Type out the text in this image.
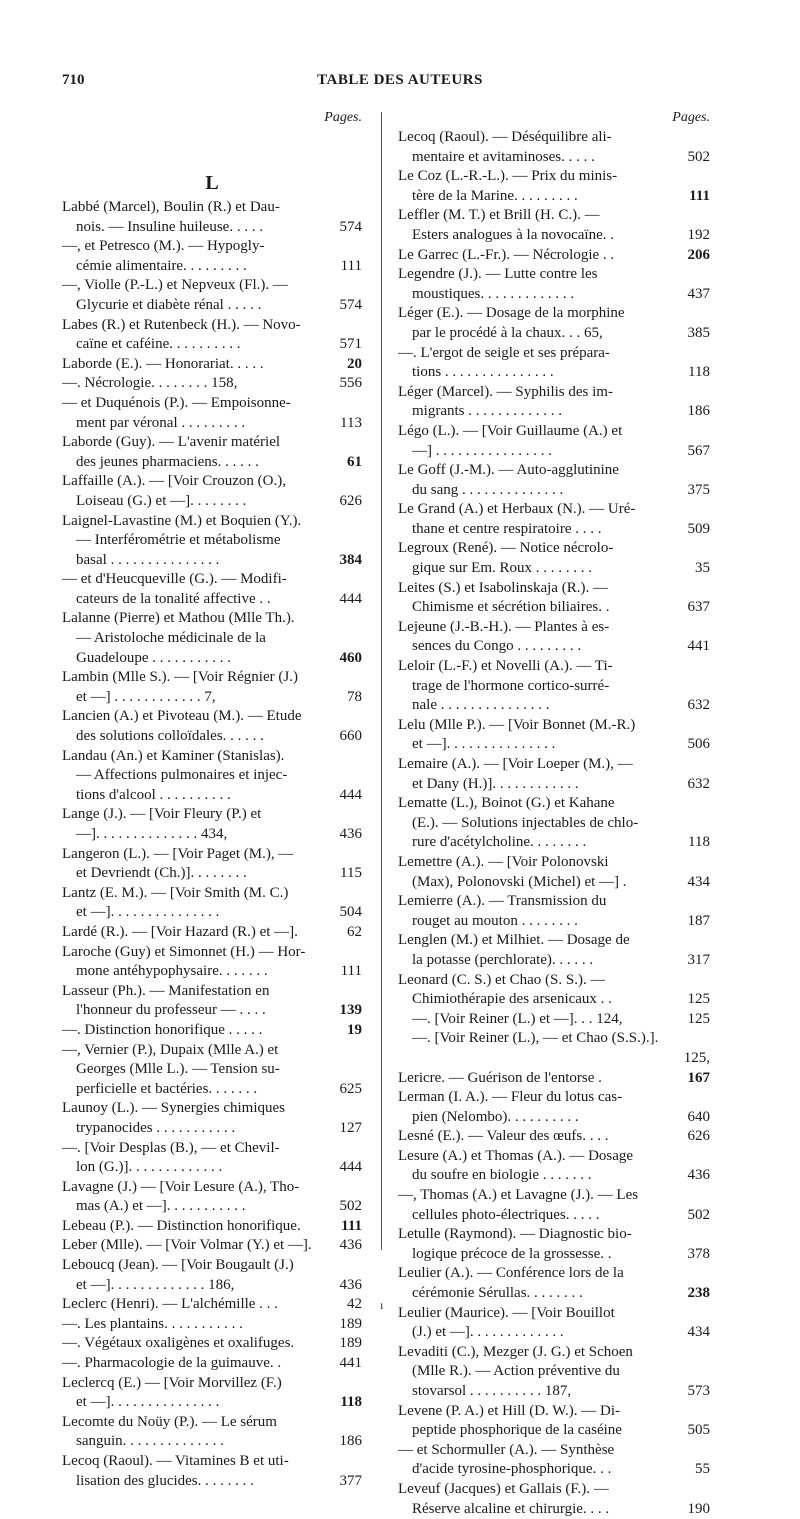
710	TABLE DES AUTEURS
Pages.
L
Labbé (Marcel), Boulin (R.) et Dau-
nois. — Insuline huileuse. . . . .	574
—, et Petresco (M.). — Hypogly-
cémie alimentaire. . . . . . . . .	111
—, Violle (P.-L.) et Nepveux (Fl.). —
Glycurie et diabète rénal . . . . .	574
Labes (R.) et Rutenbeck (H.). — Novo-
caïne et caféine. . . . . . . . . .	571
Laborde (E.). — Honorariat. . . . .	20
—. Nécrologie. . . . . . . . 158,	556
— et Duquénois (P.). — Empoisonne-
ment par véronal . . . . . . . . .	113
Laborde (Guy). — L'avenir matériel
des jeunes pharmaciens. . . . . .	61
Laffaille (A.). — [Voir Crouzon (O.),
Loiseau (G.) et —]. . . . . . . .	626
Laignel-Lavastine (M.) et Boquien (Y.).
— Interférométrie et métabolisme
basal . . . . . . . . . . . . . . .	384
— et d'Heucqueville (G.). — Modifi-
cateurs de la tonalité affective . .	444
Lalanne (Pierre) et Mathou (Mlle Th.).
— Aristoloche médicinale de la
Guadeloupe . . . . . . . . . . .	460
Lambin (Mlle S.). — [Voir Régnier (J.)
et —] . . . . . . . . . . . . 7,	78
Lancien (A.) et Pivoteau (M.). — Etude
des solutions colloïdales. . . . . .	660
Landau (An.) et Kaminer (Stanislas).
— Affections pulmonaires et injec-
tions d'alcool . . . . . . . . . .	444
Lange (J.). — [Voir Fleury (P.) et
—]. . . . . . . . . . . . . . 434,	436
Langeron (L.). — [Voir Paget (M.), —
et Devriendt (Ch.)]. . . . . . . .	115
Lantz (E. M.). — [Voir Smith (M. C.)
et —]. . . . . . . . . . . . . . .	504
Lardé (R.). — [Voir Hazard (R.) et —].	62
Laroche (Guy) et Simonnet (H.) — Hor-
mone antéhypophysaire. . . . . . .	111
Lasseur (Ph.). — Manifestation en
l'honneur du professeur — . . . .	139
—. Distinction honorifique . . . . .	19
—, Vernier (P.), Dupaix (Mlle A.) et
Georges (Mlle L.). — Tension su-
perficielle et bactéries. . . . . . .	625
Launoy (L.). — Synergies chimiques
trypanocides . . . . . . . . . . .	127
—. [Voir Desplas (B.), — et Chevil-
lon (G.)]. . . . . . . . . . . . .	444
Lavagne (J.) — [Voir Lesure (A.), Tho-
mas (A.) et —]. . . . . . . . . . .	502
Lebeau (P.). — Distinction honorifique.	111
Leber (Mlle). — [Voir Volmar (Y.) et —]. 436
Leboucq (Jean). — [Voir Bougault (J.)
et —]. . . . . . . . . . . . . 186,	436
Leclerc (Henri). — L'alchémille . . .	42
—. Les plantains. . . . . . . . . . .	189
—. Végétaux oxaligènes et oxalifuges.	189
—. Pharmacologie de la guimauve. .	441
Leclercq (E.) — [Voir Morvillez (F.)
et —]. . . . . . . . . . . . . . .	118
Lecomte du Noüy (P.). — Le sérum
sanguin. . . . . . . . . . . . . .	186
Lecoq (Raoul). — Vitamines B et uti-
lisation des glucides. . . . . . . .	377
Pages.
Lecoq (Raoul). — Déséquilibre ali-
mentaire et avitaminoses. . . . .	502
Le Coz (L.-R.-L.). — Prix du minis-
tère de la Marine. . . . . . . . .	111
Leffler (M. T.) et Brill (H. C.). —
Esters analogues à la novocaïne. .	192
Le Garrec (L.-Fr.). — Nécrologie . .	206
Legendre (J.). — Lutte contre les
moustiques. . . . . . . . . . . . .	437
Léger (E.). — Dosage de la morphine
par le procédé à la chaux. . . 65,	385
—. L'ergot de seigle et ses prépara-
tions . . . . . . . . . . . . . . .	118
Léger (Marcel). — Syphilis des im-
migrants . . . . . . . . . . . . .	186
Légo (L.). — [Voir Guillaume (A.) et
—] . . . . . . . . . . . . . . . .	567
Le Goff (J.-M.). — Auto-agglutinine
du sang . . . . . . . . . . . . . .	375
Le Grand (A.) et Herbaux (N.). — Uré-
thane et centre respiratoire . . . .	509
Legroux (René). — Notice nécrolo-
gique sur Em. Roux . . . . . . . .	35
Leites (S.) et Isabolinskaja (R.). —
Chimisme et sécrétion biliaires. .	637
Lejeune (J.-B.-H.). — Plantes à es-
sences du Congo . . . . . . . . .	441
Leloir (L.-F.) et Novelli (A.). — Ti-
trage de l'hormone cortico-surré-
nale . . . . . . . . . . . . . . .	632
Lelu (Mlle P.). — [Voir Bonnet (M.-R.)
et —]. . . . . . . . . . . . . . .	506
Lemaire (A.). — [Voir Loeper (M.), —
et Dany (H.)]. . . . . . . . . . . .	632
Lematte (L.), Boinot (G.) et Kahane
(E.). — Solutions injectables de chlo-
rure d'acétylcholine. . . . . . . .	118
Lemettre (A.). — [Voir Polonovski
(Max), Polonovski (Michel) et —] .	434
Lemierre (A.). — Transmission du
rouget au mouton . . . . . . . .	187
Lenglen (M.) et Milhiet. — Dosage de
la potasse (perchlorate). . . . . .	317
Leonard (C. S.) et Chao (S. S.). —
Chimiothérapie des arsenicaux . .	125
—. [Voir Reiner (L.) et —]. . . 124,	125
—. [Voir Reiner (L.), — et Chao (S.S.).].
125,
Lericre. — Guérison de l'entorse .	167
Lerman (I. A.). — Fleur du lotus cas-
pien (Nelombo). . . . . . . . . .	640
Lesné (E.). — Valeur des œufs. . . .	626
Lesure (A.) et Thomas (A.). — Dosage
du soufre en biologie . . . . . . .	436
—, Thomas (A.) et Lavagne (J.). — Les
cellules photo-électriques. . . . .	502
Letulle (Raymond). — Diagnostic bio-
logique précoce de la grossesse. .	378
Leulier (A.). — Conférence lors de la
cérémonie Sérullas. . . . . . . .	238
Leulier (Maurice). — [Voir Bouillot
(J.) et —]. . . . . . . . . . . . .	434
Levaditi (C.), Mezger (J. G.) et Schoen
(Mlle R.). — Action préventive du
stovarsol . . . . . . . . . . 187,	573
Levene (P. A.) et Hill (D. W.). — Di-
peptide phosphorique de la caséine	505
— et Schormuller (A.). — Synthèse
d'acide tyrosine-phosphorique. . .	55
Leveuf (Jacques) et Gallais (F.). —
Réserve alcaline et chirurgie. . . .	190
ı
